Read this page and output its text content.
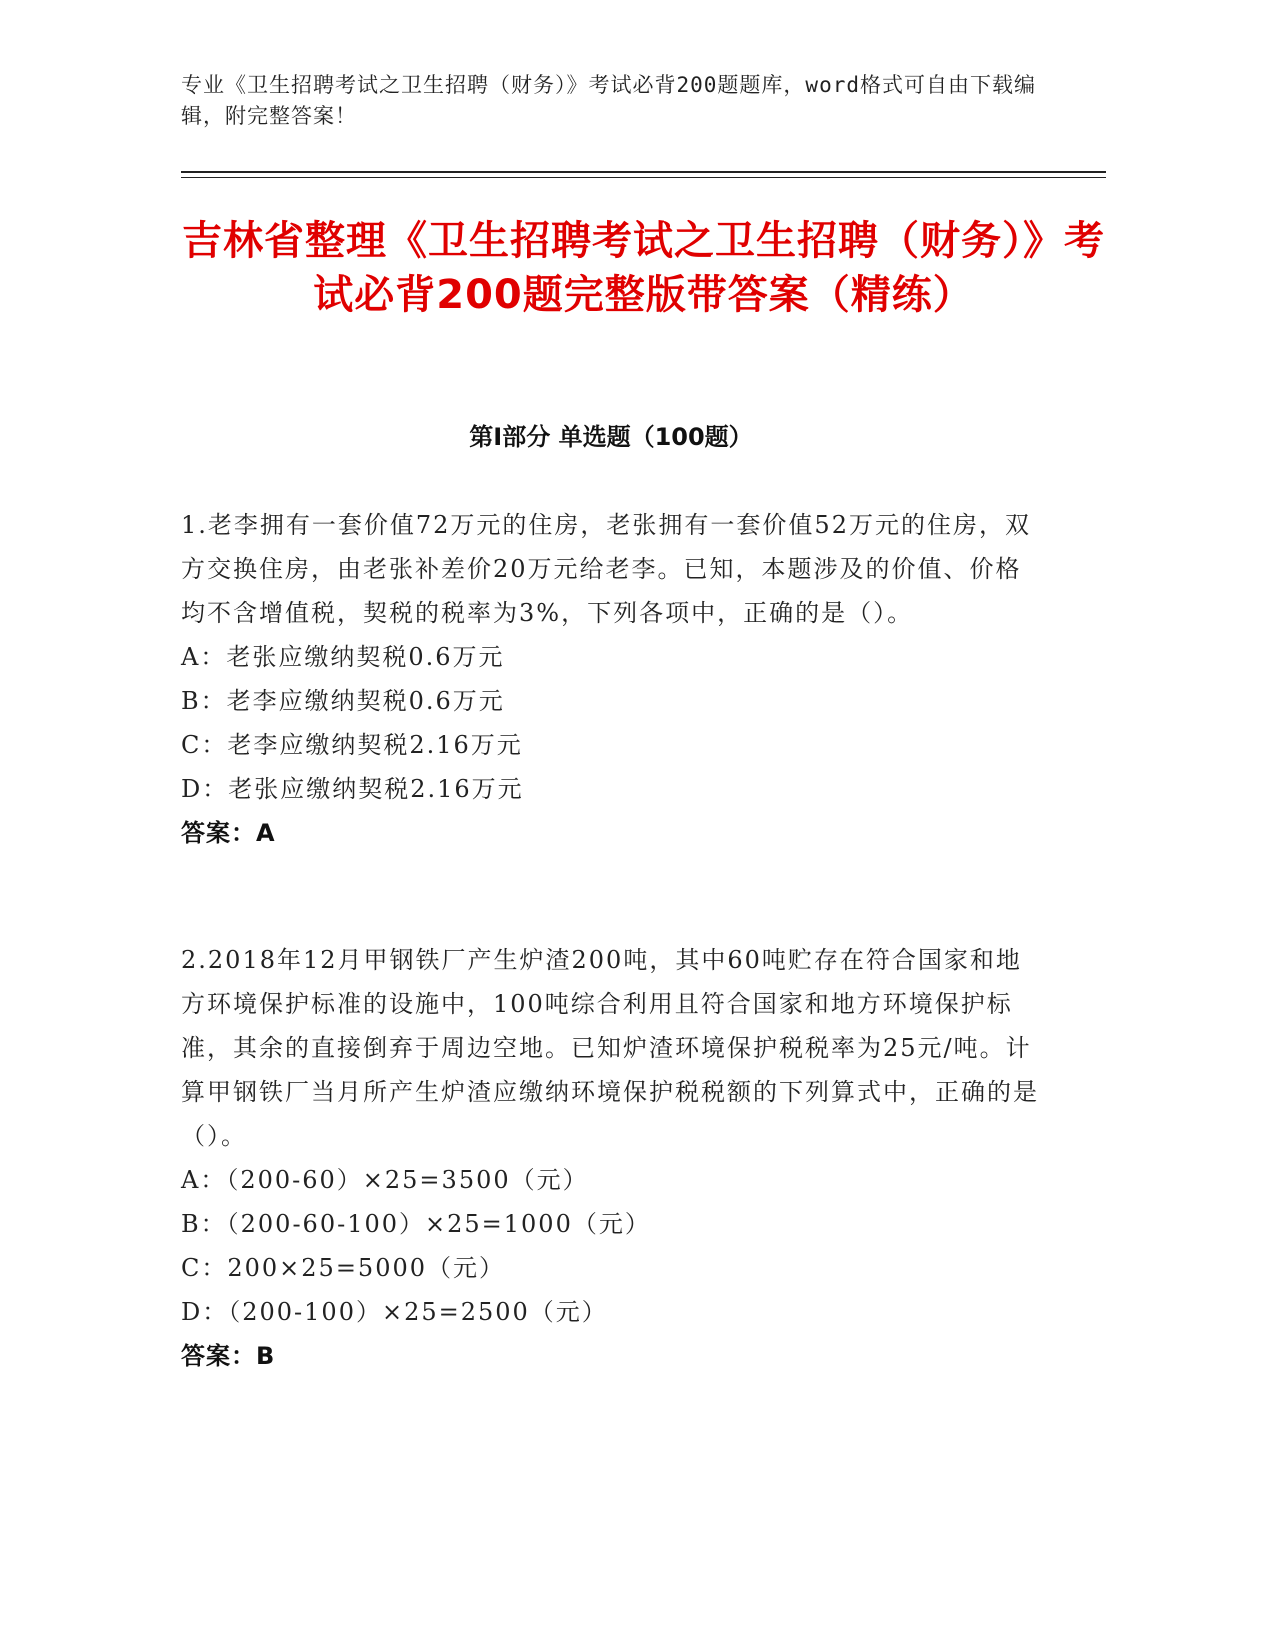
专业《卫生招聘考试之卫生招聘（财务）》考试必背200题题库，word格式可自由下载编辑，附完整答案！
吉林省整理《卫生招聘考试之卫生招聘（财务）》考试必背200题完整版带答案（精练）
第I部分 单选题（100题）

1.老李拥有一套价值72万元的住房，老张拥有一套价值52万元的住房，双方交换住房，由老张补差价20万元给老李。已知，本题涉及的价值、价格均不含增值税，契税的税率为3%，下列各项中，正确的是（）。

A：老张应缴纳契税0.6万元

B：老李应缴纳契税0.6万元

C：老李应缴纳契税2.16万元

D：老张应缴纳契税2.16万元

答案：A

2.2018年12月甲钢铁厂产生炉渣200吨，其中60吨贮存在符合国家和地方环境保护标准的设施中，100吨综合利用且符合国家和地方环境保护标准，其余的直接倒弃于周边空地。已知炉渣环境保护税税率为25元/吨。计算甲钢铁厂当月所产生炉渣应缴纳环境保护税税额的下列算式中，正确的是（）。

A：（200-60）×25=3500（元）

B：（200-60-100）×25=1000（元）

C：200×25=5000（元）

D：（200-100）×25=2500（元）

答案：B
